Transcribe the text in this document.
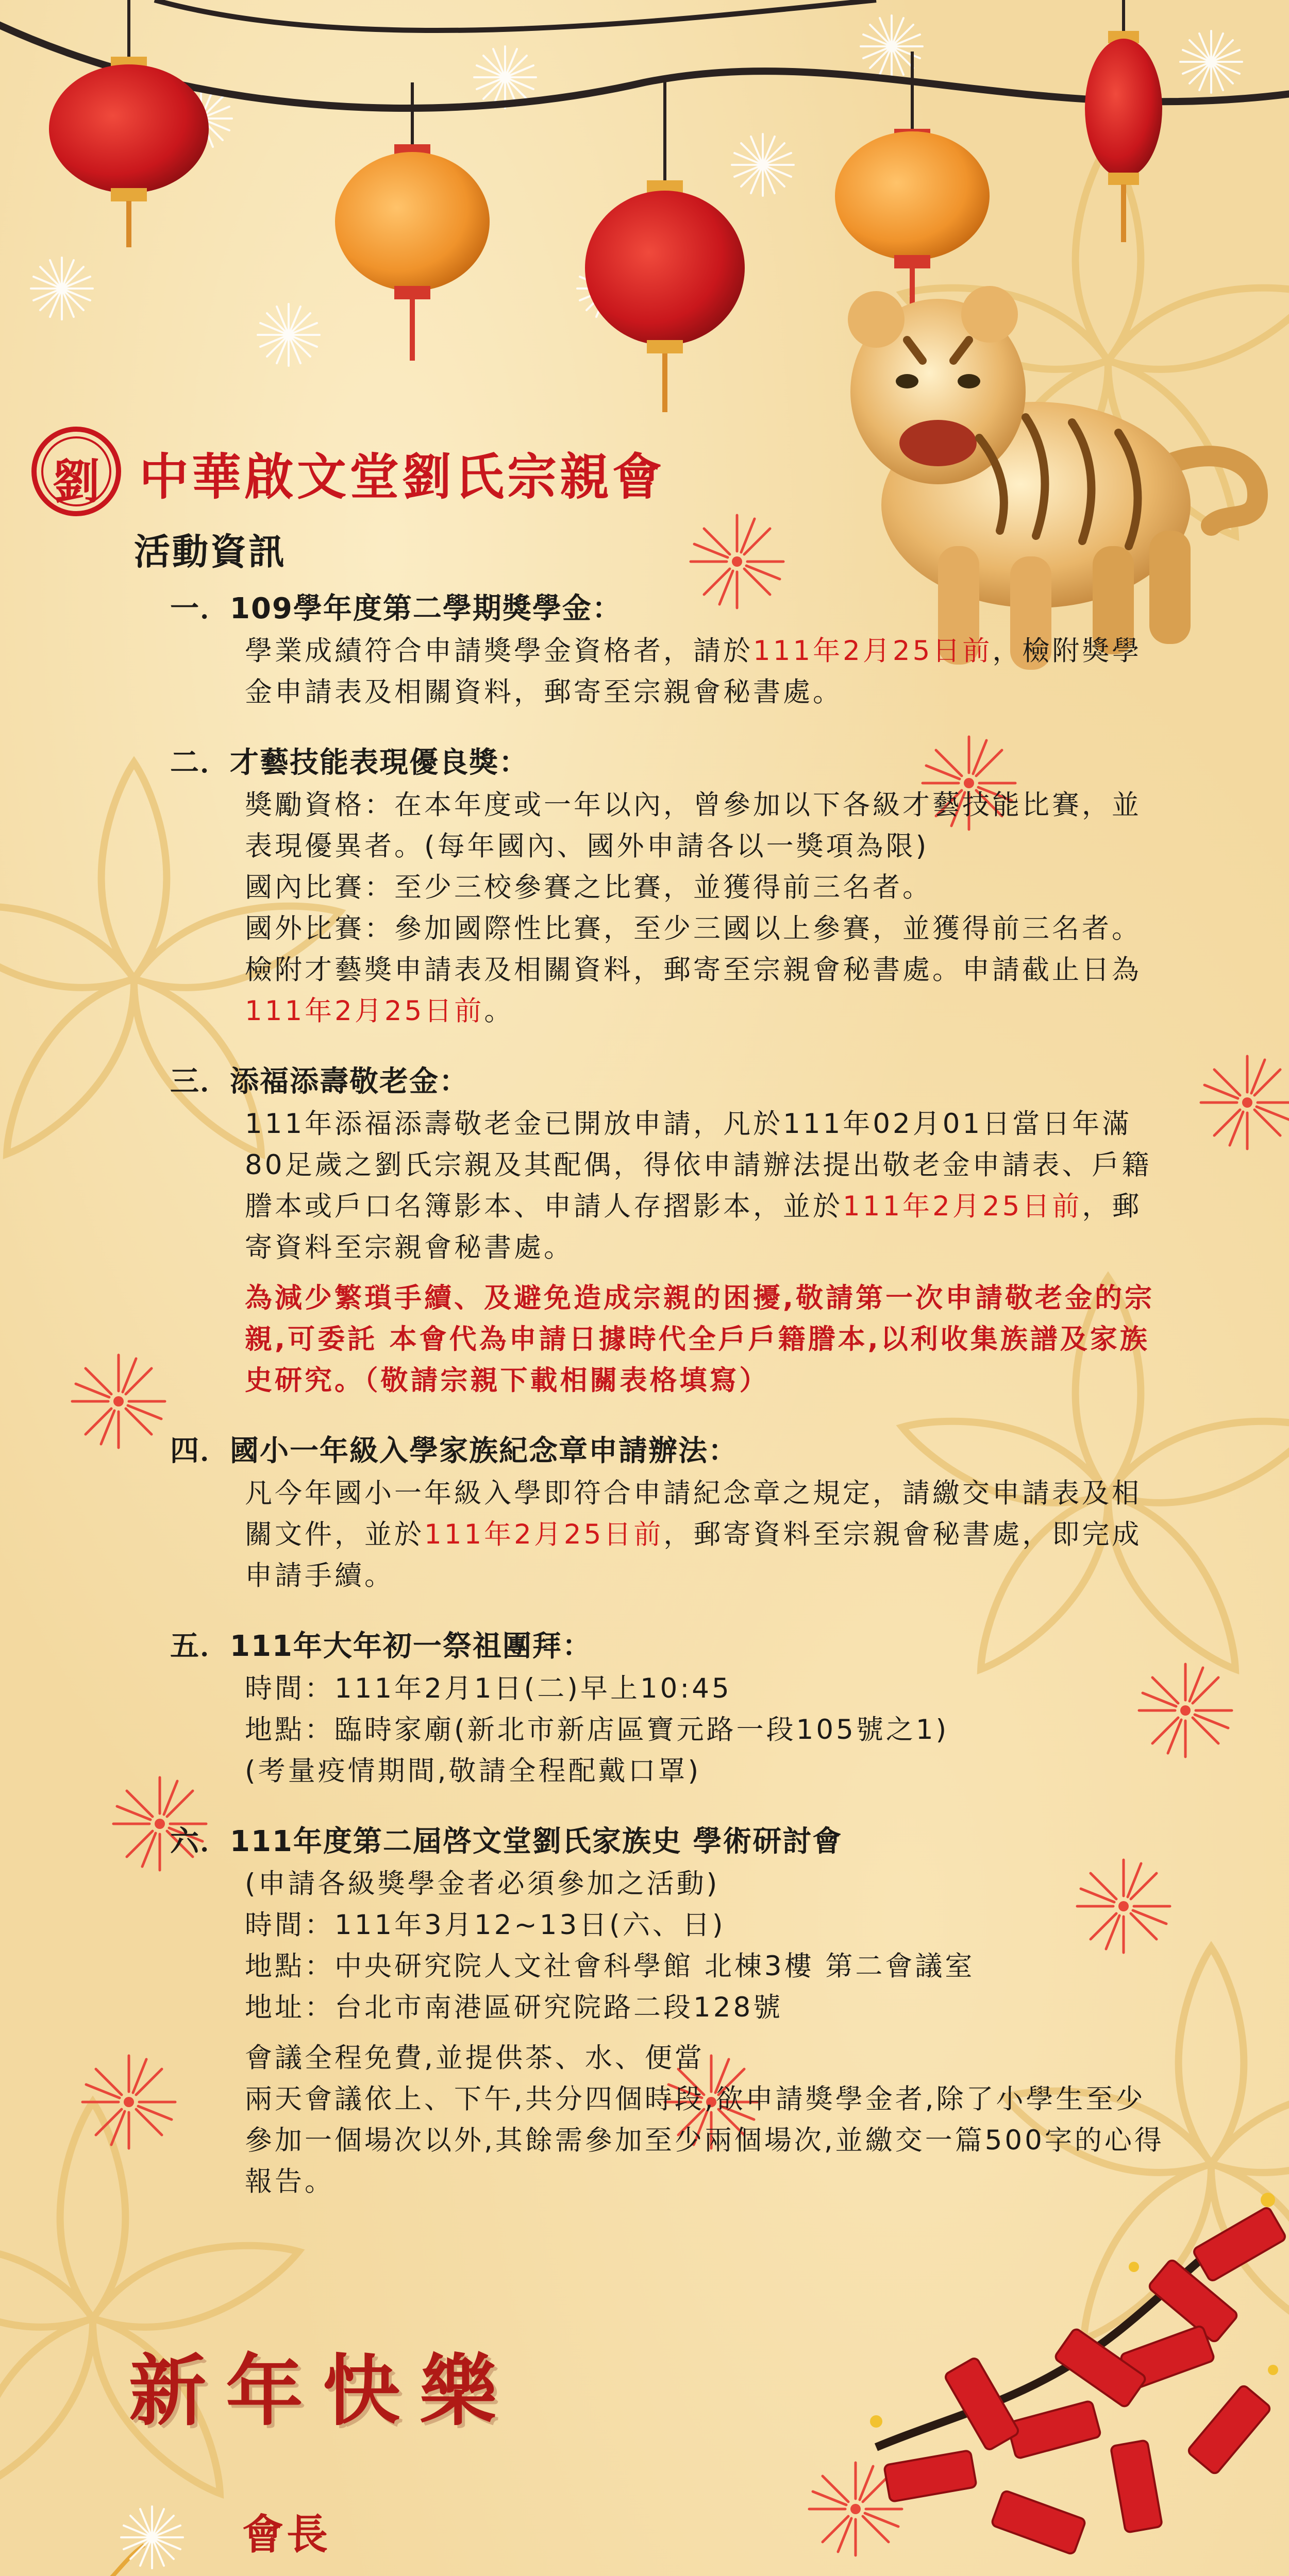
劉 中華啟文堂劉氏宗親會
活動資訊
一．109學年度第二學期獎學金：
學業成績符合申請獎學金資格者，請於111年2月25日前，檢附獎學金申請表及相關資料，郵寄至宗親會秘書處。
二．才藝技能表現優良獎：
獎勵資格：在本年度或一年以內，曾參加以下各級才藝技能比賽，並表現優異者。(每年國內、國外申請各以一獎項為限)
國內比賽：至少三校參賽之比賽，並獲得前三名者。
國外比賽：參加國際性比賽，至少三國以上參賽，並獲得前三名者。
檢附才藝獎申請表及相關資料，郵寄至宗親會秘書處。申請截止日為111年2月25日前。
三．添福添壽敬老金：
111年添福添壽敬老金已開放申請，凡於111年02月01日當日年滿80足歲之劉氏宗親及其配偶，得依申請辦法提出敬老金申請表、戶籍謄本或戶口名簿影本、申請人存摺影本，並於111年2月25日前，郵寄資料至宗親會秘書處。
為減少繁瑣手續、及避免造成宗親的困擾,敬請第一次申請敬老金的宗親,可委託 本會代為申請日據時代全戶戶籍謄本,以利收集族譜及家族史研究。（敬請宗親下載相關表格填寫）
四．國小一年級入學家族紀念章申請辦法：
凡今年國小一年級入學即符合申請紀念章之規定，請繳交申請表及相關文件，並於111年2月25日前，郵寄資料至宗親會秘書處，即完成申請手續。
五．111年大年初一祭祖團拜：
時間：111年2月1日(二)早上10:45
地點：臨時家廟(新北市新店區寶元路一段105號之1)
(考量疫情期間,敬請全程配戴口罩)
六．111年度第二屆啓文堂劉氏家族史 學術研討會
(申請各級獎學金者必須參加之活動)
時間：111年3月12~13日(六、日)
地點：中央研究院人文社會科學館 北棟3樓 第二會議室
地址：台北市南港區研究院路二段128號
會議全程免費,並提供茶、水、便當
兩天會議依上、下午,共分四個時段,欲申請獎學金者,除了小學生至少參加一個場次以外,其餘需參加至少兩個場次,並繳交一篇500字的心得報告。
新年快樂
會長
